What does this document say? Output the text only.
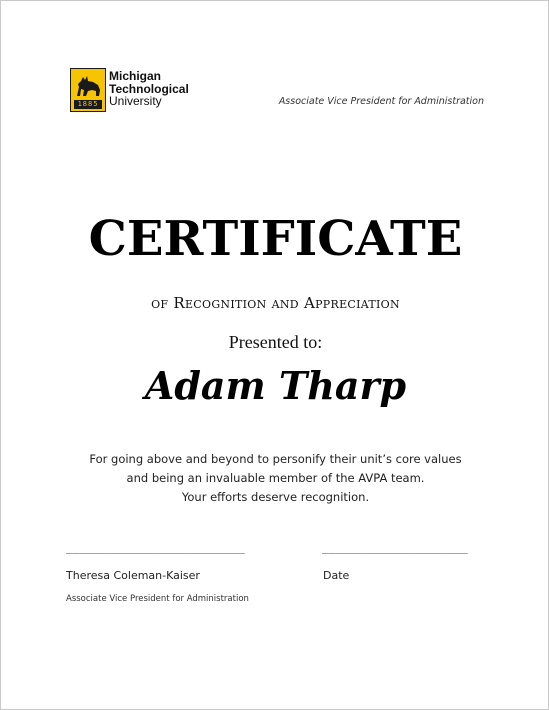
1885
Michigan
Technological
University	Associate Vice President for Administration
CERTIFICATE
of Recognition and Appreciation
Presented to:
Adam Tharp
For going above and beyond to personify their unit’s core values
and being an invaluable member of the AVPA team.
Your efforts deserve recognition.
___________________________	______________________
Theresa Coleman-Kaiser	Date
Associate Vice President for Administration
